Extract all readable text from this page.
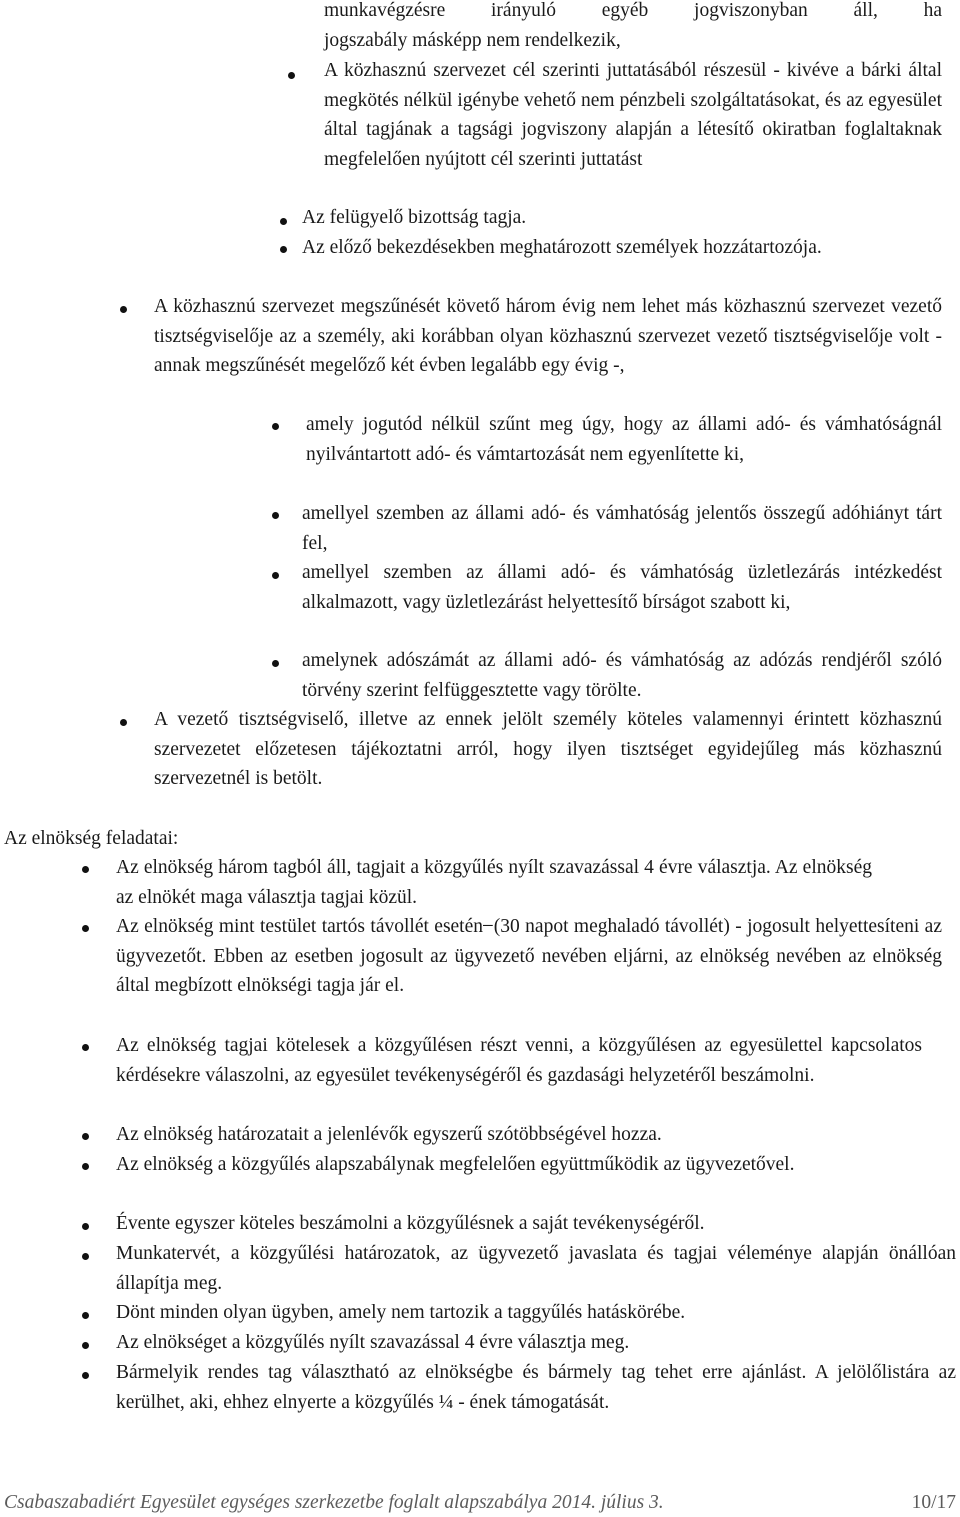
munkavégzésre irányuló egyéb jogviszonyban áll, ha

jogszabály másképp nem rendelkezik,

A közhasznú szervezet cél szerinti juttatásából részesül - kivéve a bárki által megkötés nélkül igénybe vehető nem pénzbeli szolgáltatásokat, és az egyesület által tagjának a tagsági jogviszony alapján a létesítő okiratban foglaltaknak megfelelően nyújtott cél szerinti juttatást
Az felügyelő bizottság tagja.
Az előző bekezdésekben meghatározott személyek hozzátartozója.
A közhasznú szervezet megszűnését követő három évig nem lehet más közhasznú szervezet vezető tisztségviselője az a személy, aki korábban olyan közhasznú szervezet vezető tisztségviselője volt - annak megszűnését megelőző két évben legalább egy évig -,
amely jogutód nélkül szűnt meg úgy, hogy az állami adó- és vámhatóságnál nyilvántartott adó- és vámtartozását nem egyenlítette ki,
amellyel szemben az állami adó- és vámhatóság jelentős összegű adóhiányt tárt fel,
amellyel szemben az állami adó- és vámhatóság üzletlezárás intézkedést alkalmazott, vagy üzletlezárást helyettesítő bírságot szabott ki,
amelynek adószámát az állami adó- és vámhatóság az adózás rendjéről szóló törvény szerint felfüggesztette vagy törölte.
A vezető tisztségviselő, illetve az ennek jelölt személy köteles valamennyi érintett közhasznú szervezetet előzetesen tájékoztatni arról, hogy ilyen tisztséget egyidejűleg más közhasznú szervezetnél is betölt.
Az elnökség feladatai:
Az elnökség három tagból áll, tagjait a közgyűlés nyílt szavazással 4 évre választja. Az elnökség az elnökét maga választja tagjai közül.
Az elnökség mint testület tartós távollét esetén ̶ (30 napot meghaladó távollét) - jogosult helyettesíteni az ügyvezetőt. Ebben az esetben jogosult az ügyvezető nevében eljárni, az elnökség nevében az elnökség által megbízott elnökségi tagja jár el.
Az elnökség tagjai kötelesek a közgyűlésen részt venni, a közgyűlésen az egyesülettel kapcsolatos kérdésekre válaszolni, az egyesület tevékenységéről és gazdasági helyzetéről beszámolni.
Az elnökség határozatait a jelenlévők egyszerű szótöbbségével hozza.
Az elnökség a közgyűlés alapszabálynak megfelelően együttműködik az ügyvezetővel.
Évente egyszer köteles beszámolni a közgyűlésnek a saját tevékenységéről.
Munkatervét, a közgyűlési határozatok, az ügyvezető javaslata és tagjai véleménye alapján önállóan állapítja meg.
Dönt minden olyan ügyben, amely nem tartozik a taggyűlés hatáskörébe.
Az elnökséget a közgyűlés nyílt szavazással 4 évre választja meg.
Bármelyik rendes tag választható az elnökségbe és bármely tag tehet erre ajánlást. A jelölőlistára az kerülhet, aki, ehhez elnyerte a közgyűlés ¼ - ének támogatását.
Csabaszabadiért Egyesület egységes szerkezetbe foglalt alapszabálya 2014. július 3.	10/17
